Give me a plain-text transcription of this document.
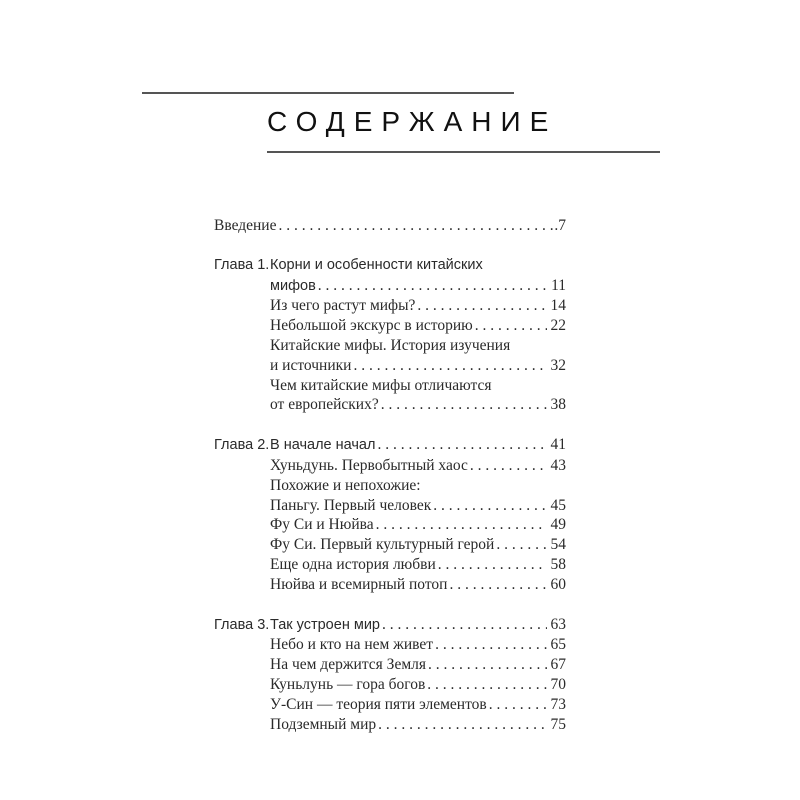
СОДЕРЖАНИЕ
Введение . . .	.7
Глава 1.Корни и особенности китайских
мифов . . .	11
Из чего растут мифы? . . .	14
Небольшой экскурс в историю . . .	22
Китайские мифы. История изучения
и источники . . .	32
Чем китайские мифы отличаются
от европейских? . . .	38
Глава 2.В начале начал . . .	41
Хуньдунь. Первобытный хаос . . .	43
Похожие и непохожие:
Паньгу. Первый человек . . .	45
Фу Си и Нюйва . . .	49
Фу Си. Первый культурный герой . . .	54
Еще одна история любви . . .	58
Нюйва и всемирный потоп . . .	60
Глава 3.Так устроен мир . . .	63
Небо и кто на нем живет . . .	65
На чем держится Земля . . .	67
Куньлунь — гора богов . . .	70
У-Син — теория пяти элементов . . .	73
Подземный мир . . .	75
